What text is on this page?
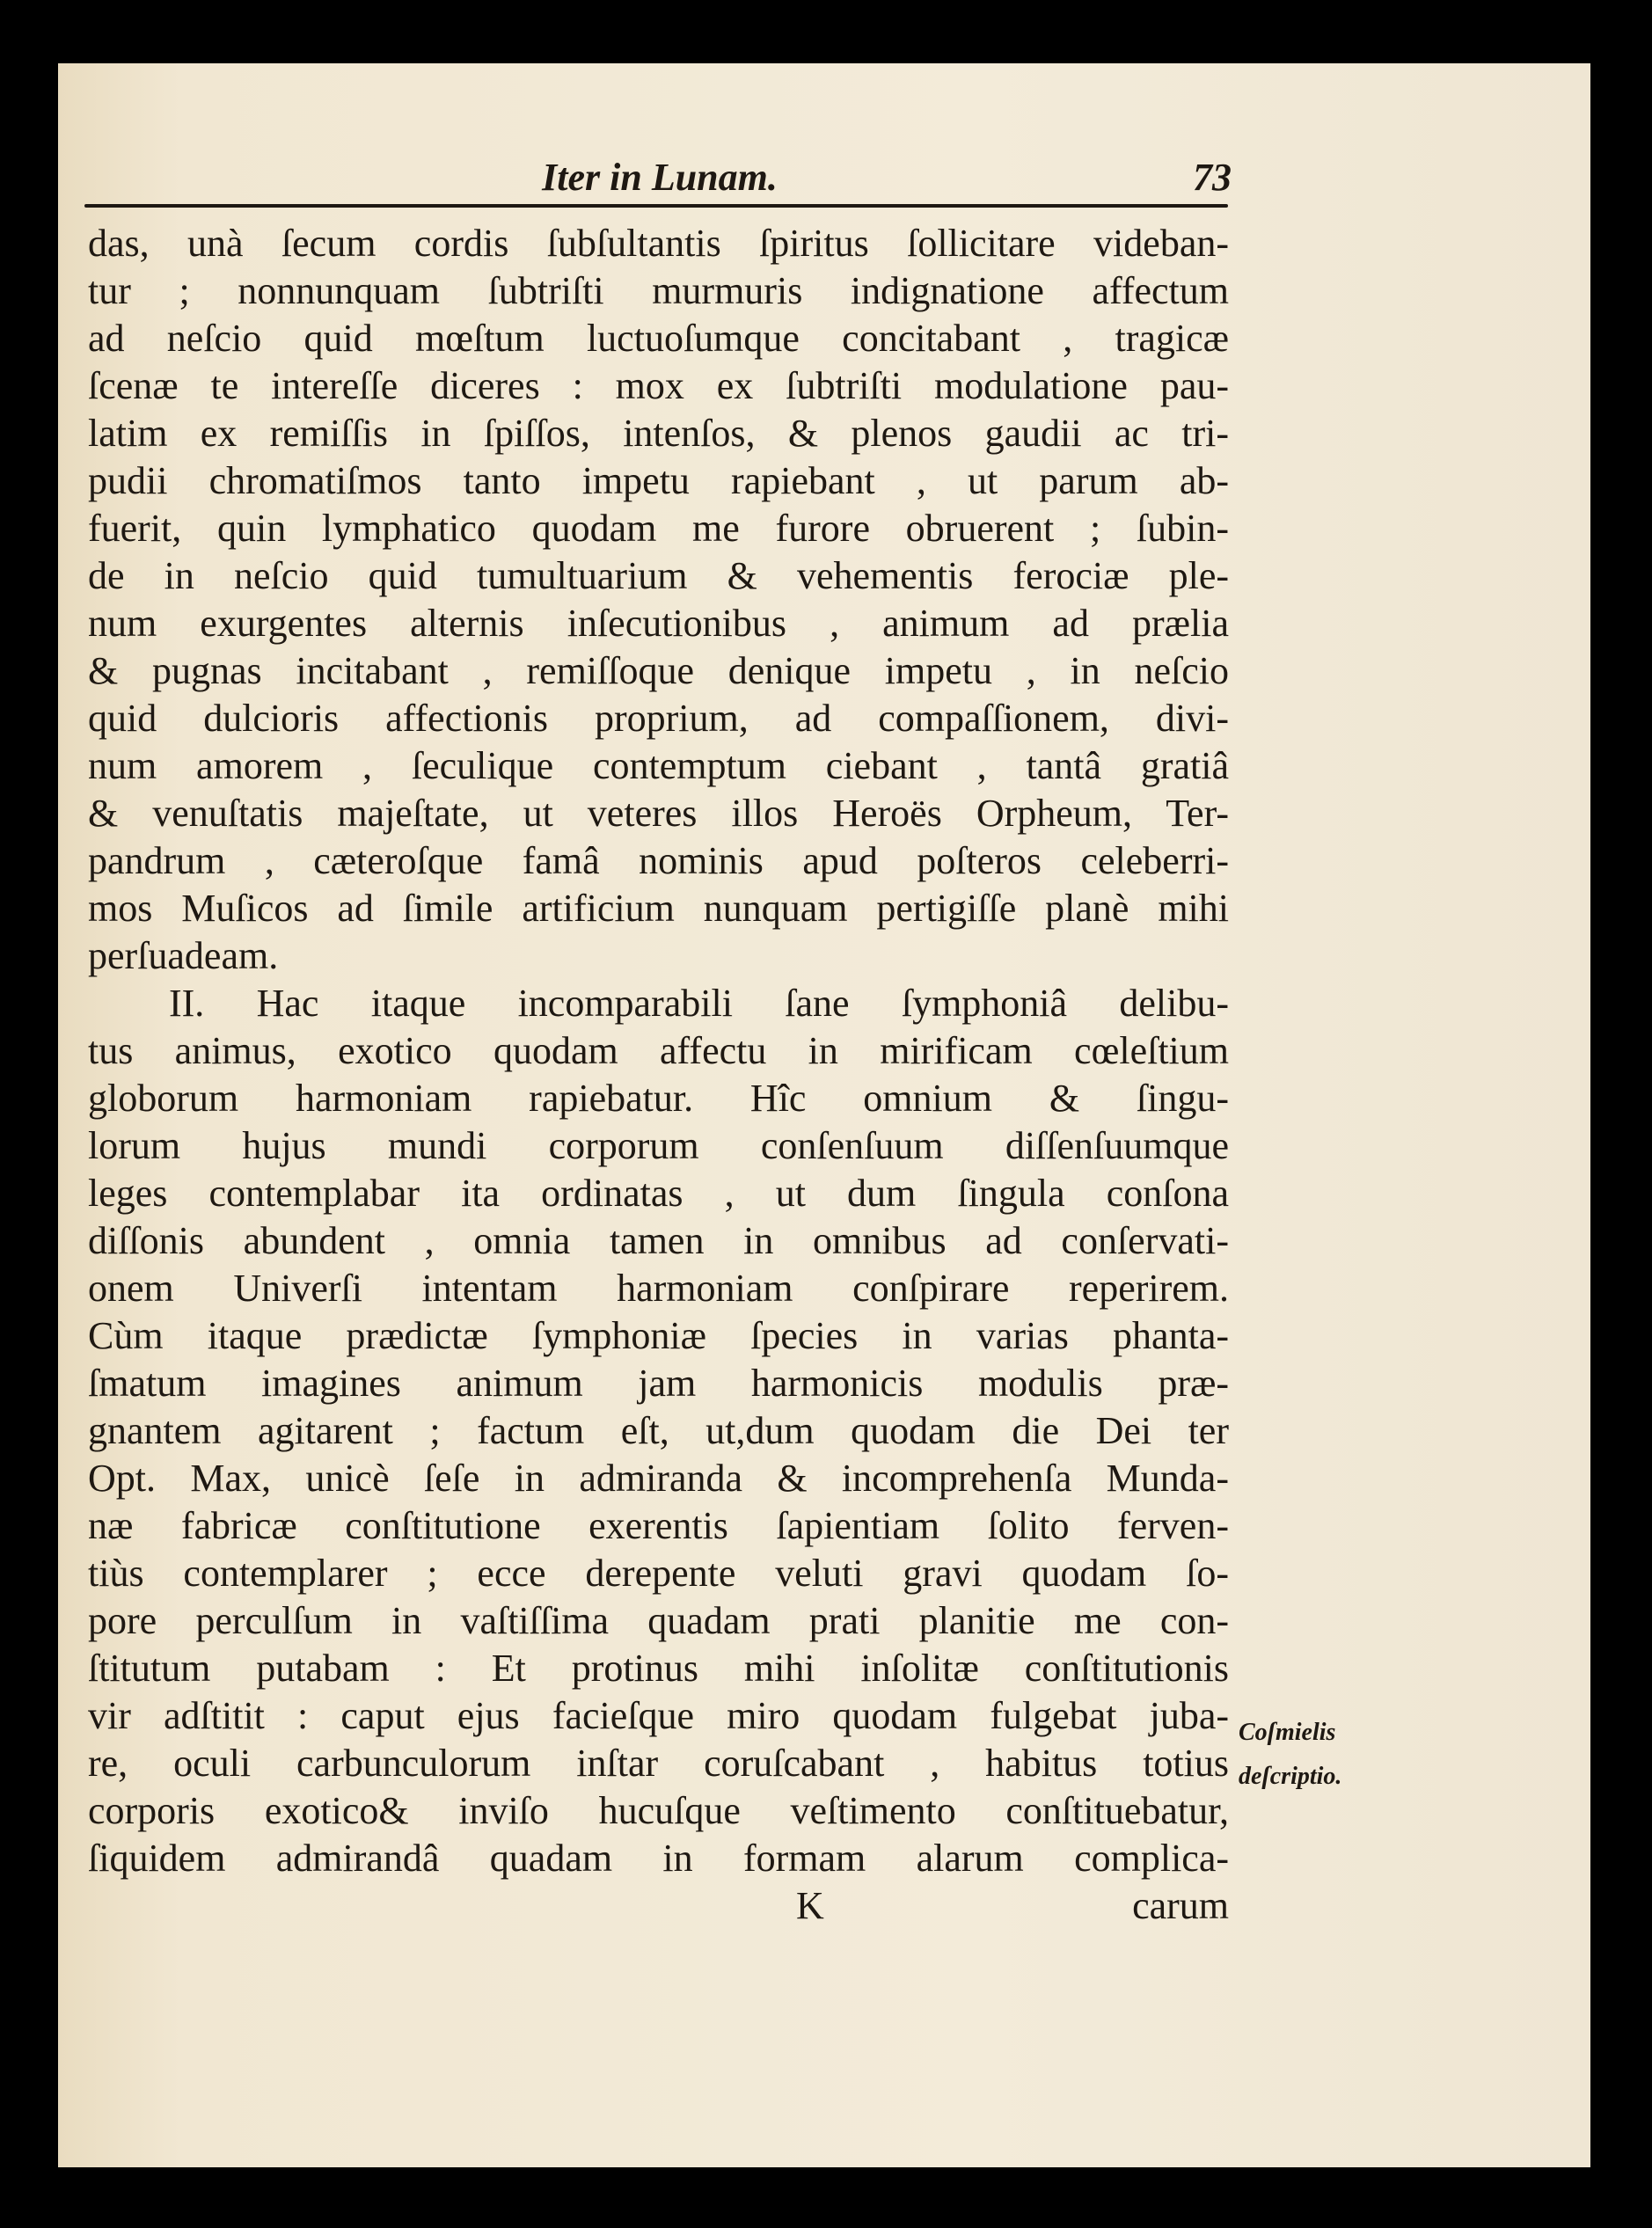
Iter in Lunam.	73
das, unà ſecum cordis ſubſultantis ſpiritus ſollicitare videban-
tur ; nonnunquam ſubtriſti murmuris indignatione affectum
ad neſcio quid mœſtum luctuoſumque concitabant , tragicæ
ſcenæ te intereſſe diceres : mox ex ſubtriſti modulatione pau-
latim ex remiſſis in ſpiſſos, intenſos, & plenos gaudii ac tri-
pudii chromatiſmos tanto impetu rapiebant , ut parum ab-
fuerit, quin lymphatico quodam me furore obruerent ; ſubin-
de in neſcio quid tumultuarium & vehementis ferociæ ple-
num exurgentes alternis inſecutionibus , animum ad prælia
& pugnas incitabant , remiſſoque denique impetu , in neſcio
quid dulcioris affectionis proprium, ad compaſſionem, divi-
num amorem , ſeculique contemptum ciebant , tantâ gratiâ
& venuſtatis majeſtate, ut veteres illos Heroës Orpheum, Ter-
pandrum , cæteroſque famâ nominis apud poſteros celeberri-
mos Muſicos ad ſimile artificium nunquam pertigiſſe planè mihi
perſuadeam.
II. Hac itaque incomparabili ſane ſymphoniâ delibu-
tus animus, exotico quodam affectu in mirificam cœleſtium
globorum harmoniam rapiebatur. Hîc omnium & ſingu-
lorum hujus mundi corporum conſenſuum diſſenſuumque
leges contemplabar ita ordinatas , ut dum ſingula conſona
diſſonis abundent , omnia tamen in omnibus ad conſervati-
onem Univerſi intentam harmoniam conſpirare reperirem.
Cùm itaque prædictæ ſymphoniæ ſpecies in varias phanta-
ſmatum imagines animum jam harmonicis modulis præ-
gnantem agitarent ; factum eſt, ut,dum quodam die Dei ter
Opt. Max, unicè ſeſe in admiranda & incomprehenſa Munda-
næ fabricæ conſtitutione exerentis ſapientiam ſolito ferven-
tiùs contemplarer ; ecce derepente veluti gravi quodam ſo-
pore perculſum in vaſtiſſima quadam prati planitie me con-
ſtitutum putabam : Et protinus mihi inſolitæ conſtitutionis
vir adſtitit : caput ejus facieſque miro quodam fulgebat juba-
re, oculi carbunculorum inſtar coruſcabant , habitus totius
corporis exotico& inviſo hucuſque veſtimento conſtituebatur,
ſiquidem admirandâ quadam in formam alarum complica-
K	carum
Coſmielis
deſcriptio.
